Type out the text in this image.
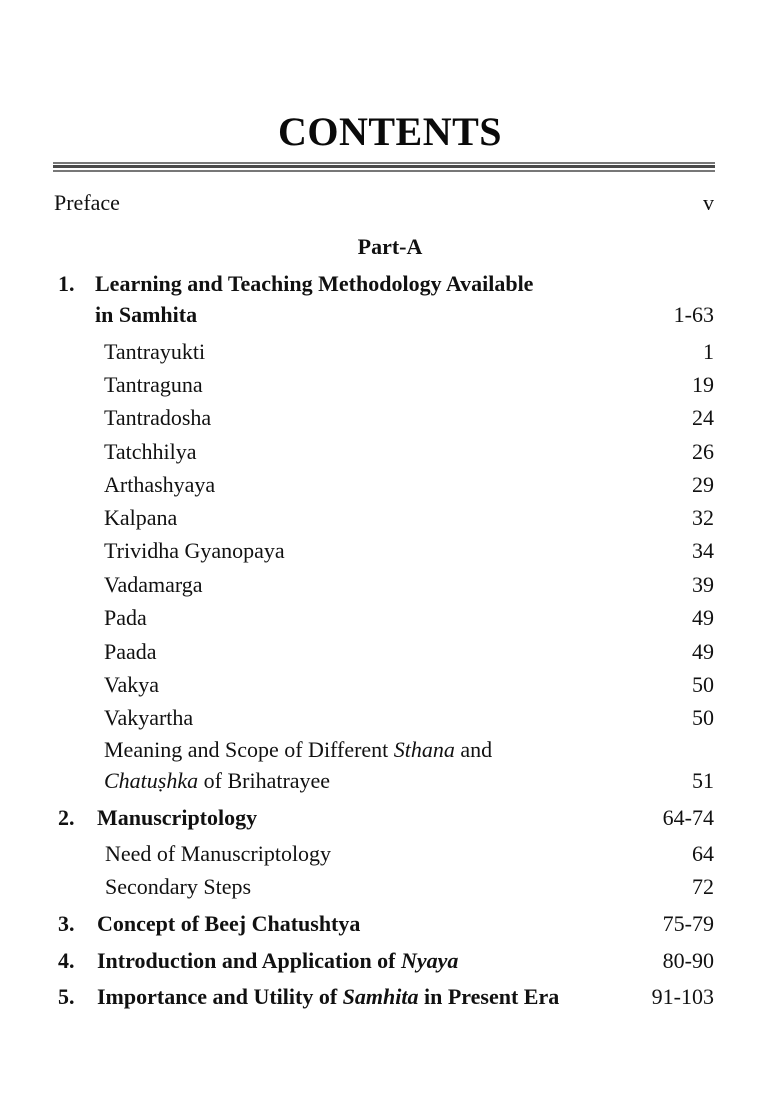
CONTENTS
Preface	v
Part-A
1. Learning and Teaching Methodology Available
in Samhita	1-63
Tantrayukti	1
Tantraguna	19
Tantradosha	24
Tatchhilya	26
Arthashyaya	29
Kalpana	32
Trividha Gyanopaya	34
Vadamarga	39
Pada	49
Paada	49
Vakya	50
Vakyartha	50
Meaning and Scope of Different Sthana and
Chatuṣhka of Brihatrayee	51
2. Manuscriptology	64-74
Need of Manuscriptology	64
Secondary Steps	72
3. Concept of Beej Chatushtya	75-79
4. Introduction and Application of Nyaya	80-90
5. Importance and Utility of Samhita in Present Era	91-103
